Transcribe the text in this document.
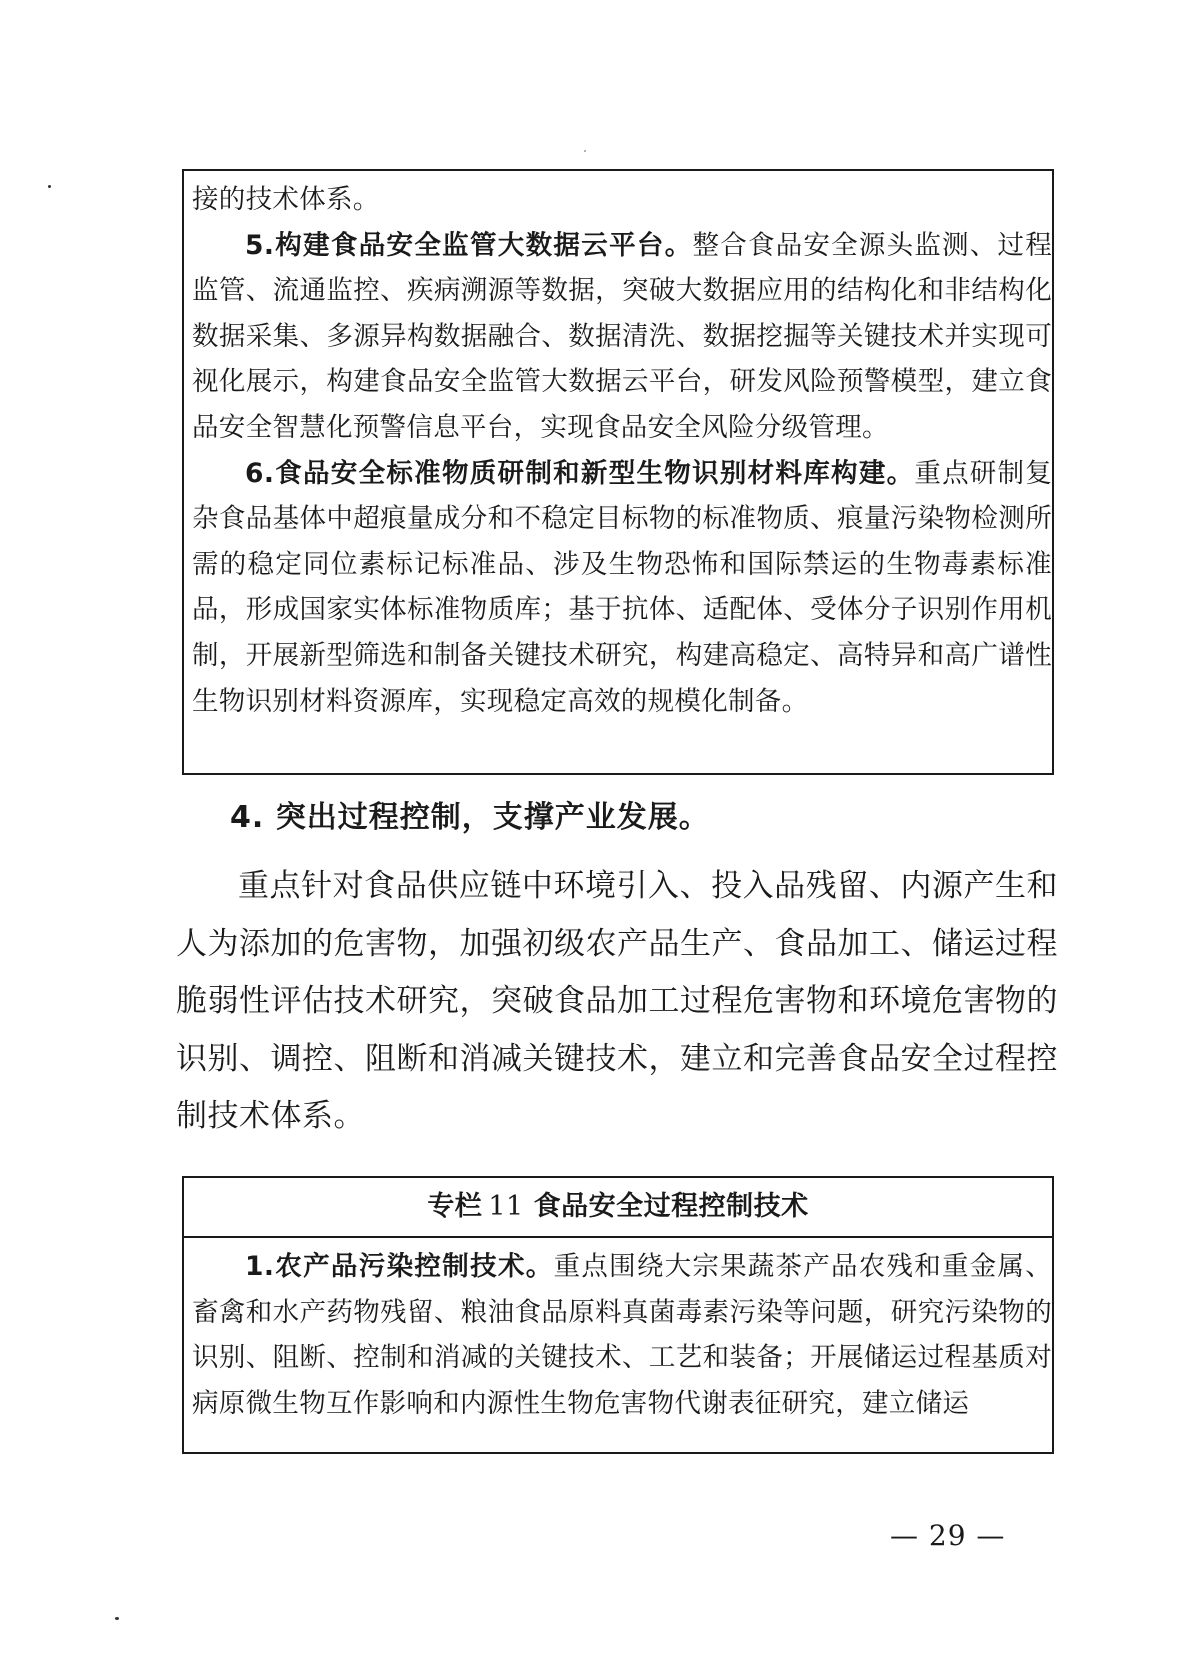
接的技术体系。

5.构建食品安全监管大数据云平台。整合食品安全源头监测、过程监管、流通监控、疾病溯源等数据，突破大数据应用的结构化和非结构化数据采集、多源异构数据融合、数据清洗、数据挖掘等关键技术并实现可视化展示，构建食品安全监管大数据云平台，研发风险预警模型，建立食品安全智慧化预警信息平台，实现食品安全风险分级管理。

6.食品安全标准物质研制和新型生物识别材料库构建。重点研制复杂食品基体中超痕量成分和不稳定目标物的标准物质、痕量污染物检测所需的稳定同位素标记标准品、涉及生物恐怖和国际禁运的生物毒素标准品，形成国家实体标准物质库；基于抗体、适配体、受体分子识别作用机制，开展新型筛选和制备关键技术研究，构建高稳定、高特异和高广谱性生物识别材料资源库，实现稳定高效的规模化制备。

4. 突出过程控制，支撑产业发展。

重点针对食品供应链中环境引入、投入品残留、内源产生和人为添加的危害物，加强初级农产品生产、食品加工、储运过程脆弱性评估技术研究，突破食品加工过程危害物和环境危害物的识别、调控、阻断和消减关键技术，建立和完善食品安全过程控制技术体系。

专栏 11 食品安全过程控制技术

1.农产品污染控制技术。重点围绕大宗果蔬茶产品农残和重金属、畜禽和水产药物残留、粮油食品原料真菌毒素污染等问题，研究污染物的识别、阻断、控制和消减的关键技术、工艺和装备；开展储运过程基质对病原微生物互作影响和内源性生物危害物代谢表征研究，建立储运

— 29 —
